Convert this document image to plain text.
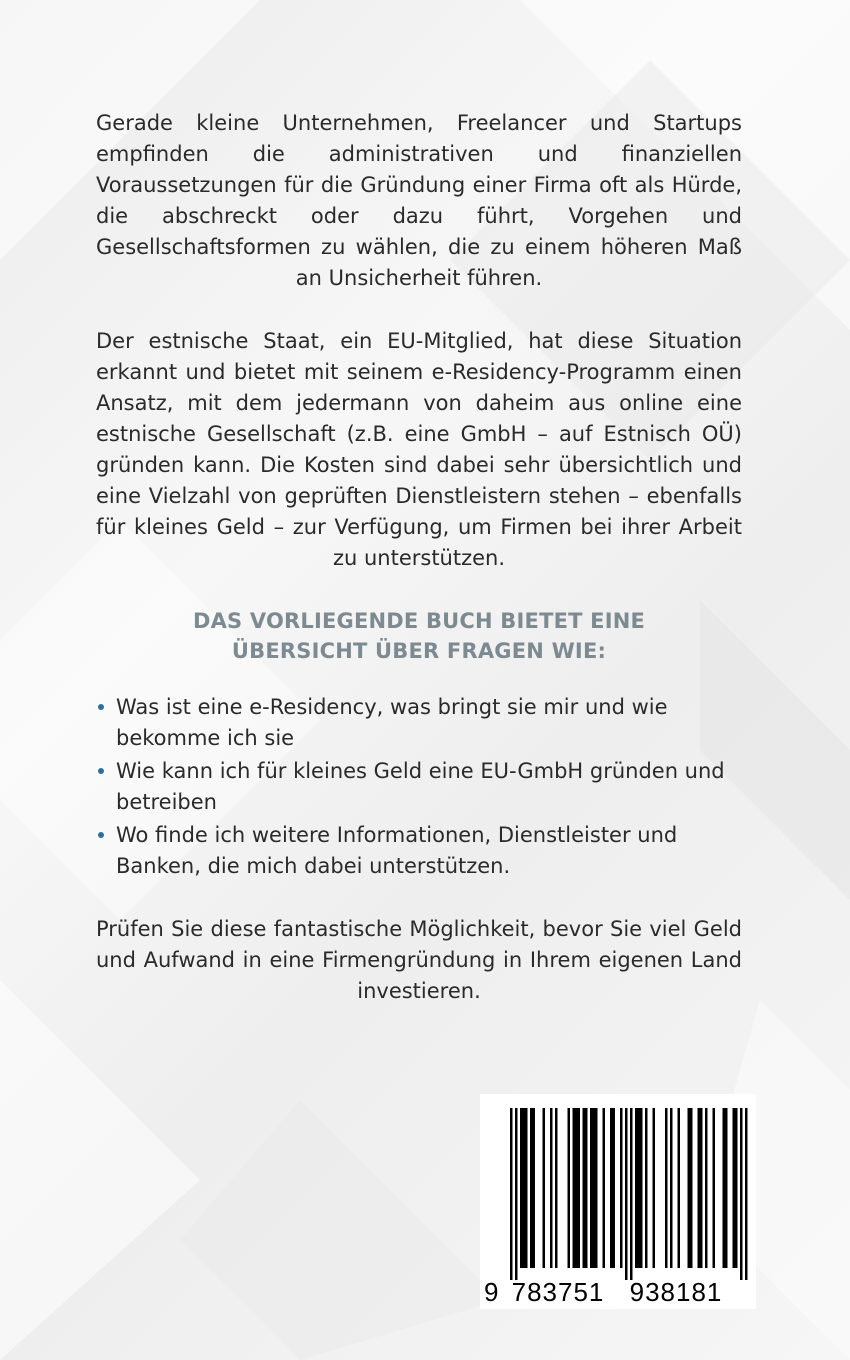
Gerade kleine Unternehmen, Freelancer und Startups empfinden die administrativen und finanziellen Voraussetzungen für die Gründung einer Firma oft als Hürde, die abschreckt oder dazu führt, Vorgehen und Gesellschaftsformen zu wählen, die zu einem höheren Maß an Unsicherheit führen.

Der estnische Staat, ein EU-Mitglied, hat diese Situation erkannt und bietet mit seinem e-Residency-Programm einen Ansatz, mit dem jedermann von daheim aus online eine estnische Gesellschaft (z.B. eine GmbH – auf Estnisch OÜ) gründen kann. Die Kosten sind dabei sehr übersichtlich und eine Vielzahl von geprüften Dienstleistern stehen – ebenfalls für kleines Geld – zur Verfügung, um Firmen bei ihrer Arbeit zu unterstützen.

DAS VORLIEGENDE BUCH BIETET EINE
ÜBERSICHT ÜBER FRAGEN WIE:
Was ist eine e-Residency, was bringt sie mir und wie bekomme ich sie
Wie kann ich für kleines Geld eine EU-GmbH gründen und betreiben
Wo finde ich weitere Informationen, Dienstleister und Banken, die mich dabei unterstützen.

Prüfen Sie diese fantastische Möglichkeit, bevor Sie viel Geld und Aufwand in eine Firmengründung in Ihrem eigenen Land investieren.

9 783751 938181
